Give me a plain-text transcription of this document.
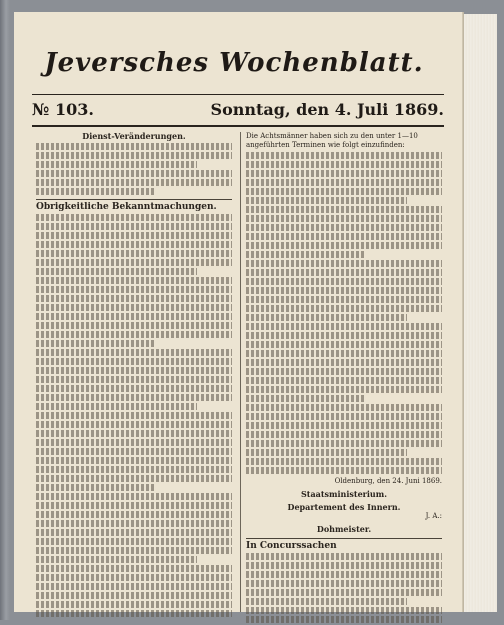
Jeversches Wochenblatt.
№ 103.	Sonntag, den 4. Juli 1869.
Dienst-Veränderungen.
Obrigkeitliche Bekanntmachungen.
Die Achtsmänner haben sich zu den unter 1—10 angeführten Terminen wie folgt einzufinden:
Oldenburg, den 24. Juni 1869.
Staatsministerium.
Departement des Innern.
J. A.:
Dohmeister.
In Concurssachen
